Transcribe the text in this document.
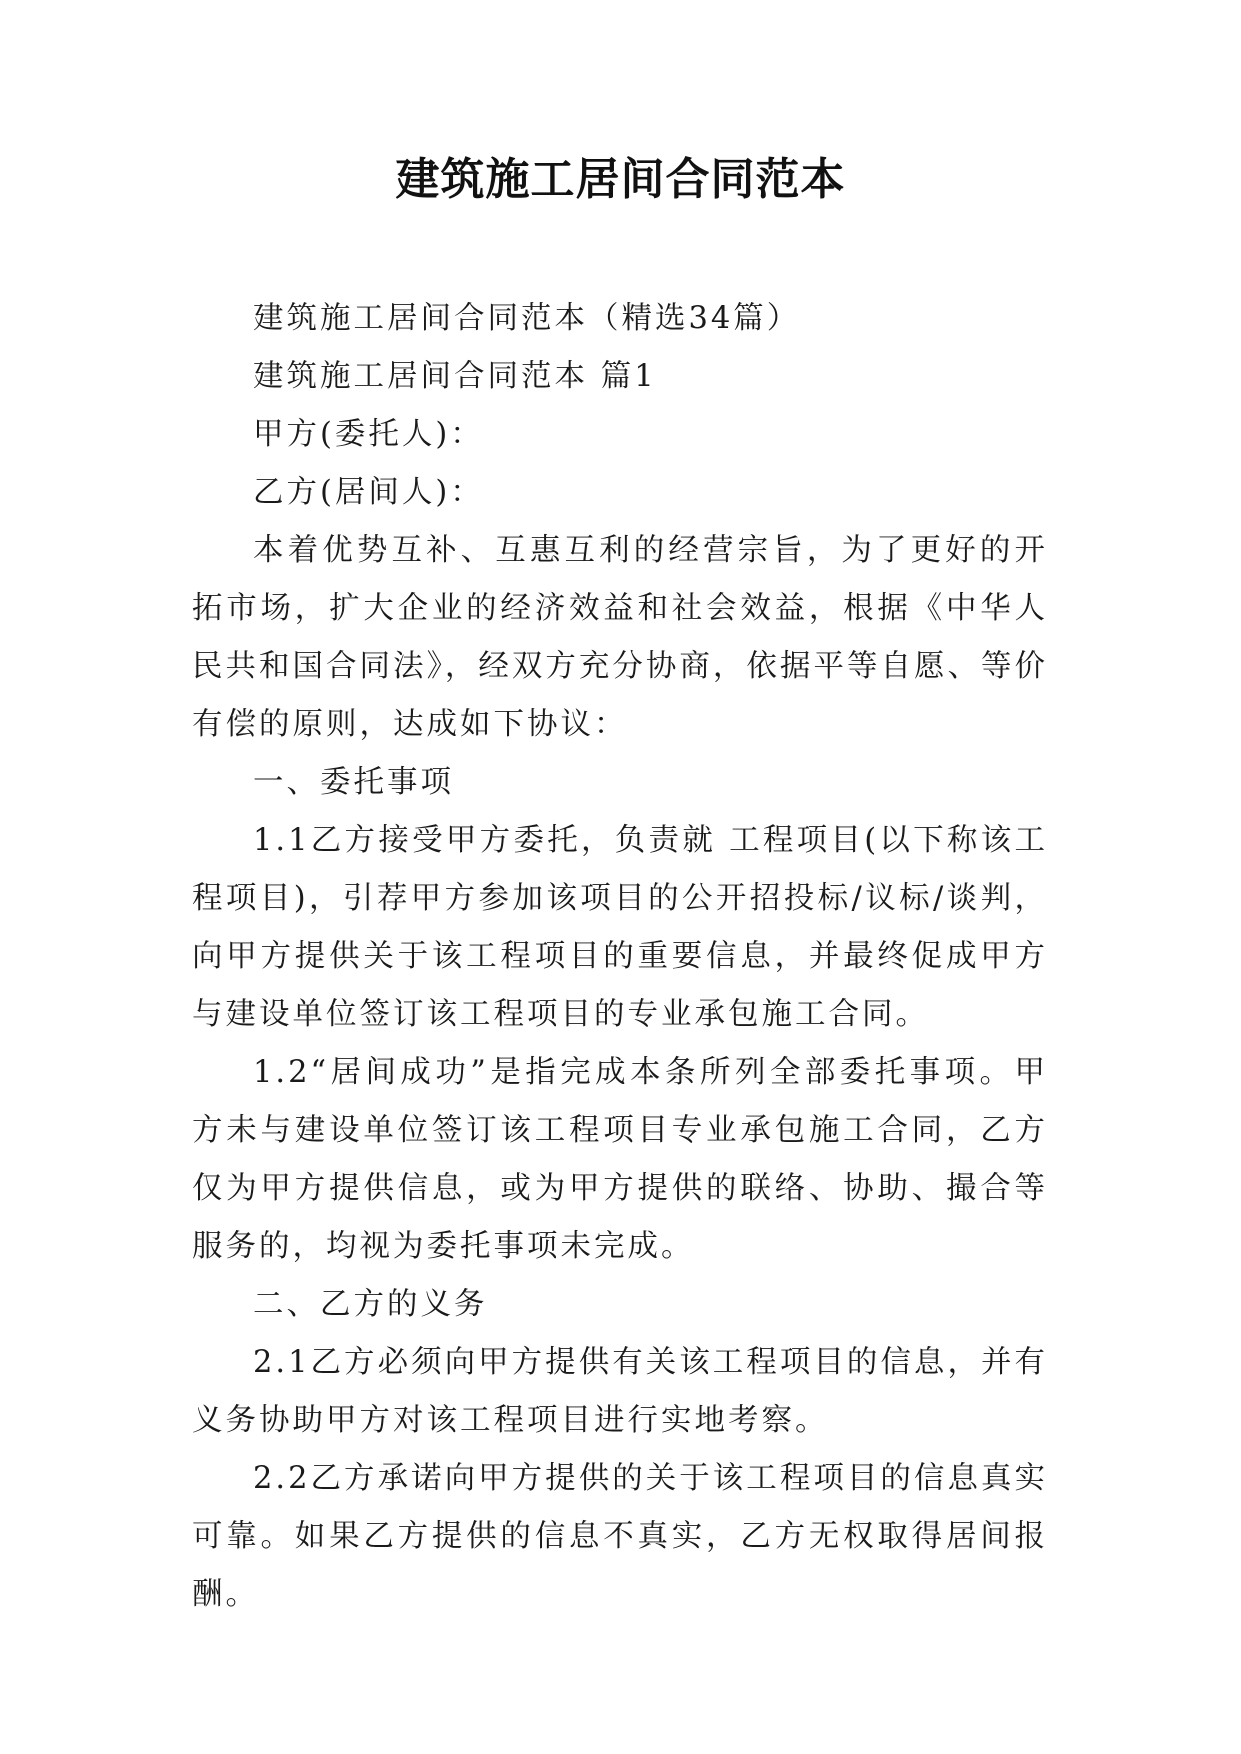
建筑施工居间合同范本

建筑施工居间合同范本（精选34篇）

建筑施工居间合同范本 篇1

甲方(委托人)：

乙方(居间人)：

本着优势互补、互惠互利的经营宗旨，为了更好的开拓市场，扩大企业的经济效益和社会效益，根据《中华人民共和国合同法》，经双方充分协商，依据平等自愿、等价有偿的原则，达成如下协议：

一、委托事项

1.1乙方接受甲方委托，负责就 工程项目(以下称该工程项目)，引荐甲方参加该项目的公开招投标/议标/谈判，向甲方提供关于该工程项目的重要信息，并最终促成甲方与建设单位签订该工程项目的专业承包施工合同。

1.2“居间成功”是指完成本条所列全部委托事项。甲方未与建设单位签订该工程项目专业承包施工合同，乙方仅为甲方提供信息，或为甲方提供的联络、协助、撮合等服务的，均视为委托事项未完成。

二、乙方的义务

2.1乙方必须向甲方提供有关该工程项目的信息，并有义务协助甲方对该工程项目进行实地考察。

2.2乙方承诺向甲方提供的关于该工程项目的信息真实可靠。如果乙方提供的信息不真实，乙方无权取得居间报酬。
